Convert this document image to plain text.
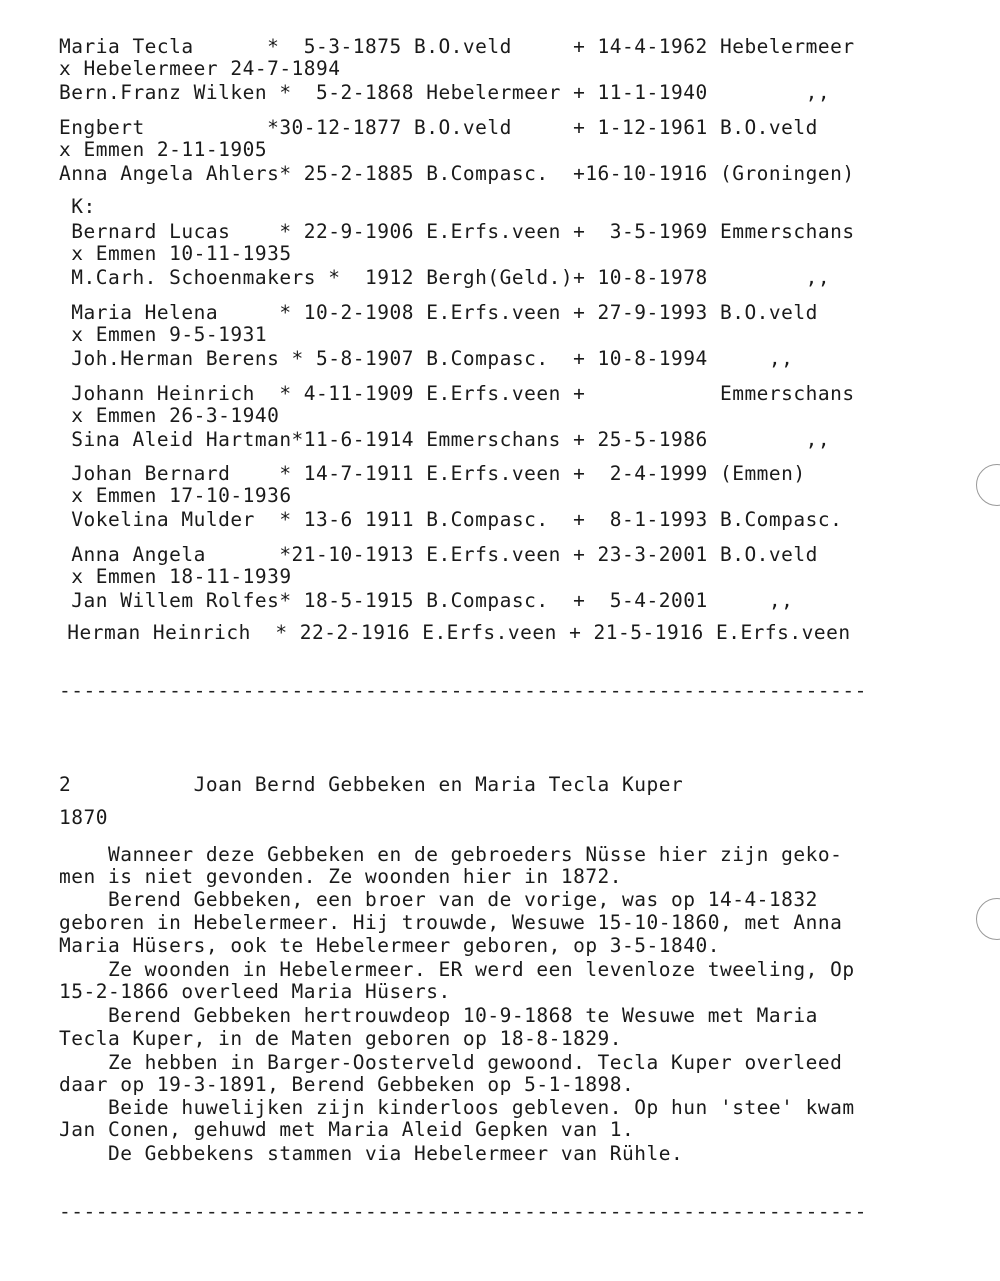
Maria Tecla      *  5-3-1875 B.O.veld     + 14-4-1962 Hebelermeer
x Hebelermeer 24-7-1894
Bern.Franz Wilken *  5-2-1868 Hebelermeer + 11-1-1940        ,,
Engbert          *30-12-1877 B.O.veld     + 1-12-1961 B.O.veld
x Emmen 2-11-1905
Anna Angela Ahlers* 25-2-1885 B.Compasc.  +16-10-1916 (Groningen)
K:
Bernard Lucas    * 22-9-1906 E.Erfs.veen +  3-5-1969 Emmerschans
x Emmen 10-11-1935
M.Carh. Schoenmakers *  1912 Bergh(Geld.)+ 10-8-1978        ,,
Maria Helena     * 10-2-1908 E.Erfs.veen + 27-9-1993 B.O.veld
x Emmen 9-5-1931
Joh.Herman Berens * 5-8-1907 B.Compasc.  + 10-8-1994     ,,
Johann Heinrich  * 4-11-1909 E.Erfs.veen +           Emmerschans
x Emmen 26-3-1940
Sina Aleid Hartman*11-6-1914 Emmerschans + 25-5-1986        ,,
Johan Bernard    * 14-7-1911 E.Erfs.veen +  2-4-1999 (Emmen)
x Emmen 17-10-1936
Vokelina Mulder  * 13-6 1911 B.Compasc.  +  8-1-1993 B.Compasc.
Anna Angela      *21-10-1913 E.Erfs.veen + 23-3-2001 B.O.veld
x Emmen 18-11-1939
Jan Willem Rolfes* 18-5-1915 B.Compasc.  +  5-4-2001     ,,
Herman Heinrich  * 22-2-1916 E.Erfs.veen + 21-5-1916 E.Erfs.veen
------------------------------------------------------------------
2          Joan Bernd Gebbeken en Maria Tecla Kuper
1870
Wanneer deze Gebbeken en de gebroeders Nüsse hier zijn geko-
men is niet gevonden. Ze woonden hier in 1872.
Berend Gebbeken, een broer van de vorige, was op 14-4-1832
geboren in Hebelermeer. Hij trouwde, Wesuwe 15-10-1860, met Anna
Maria Hüsers, ook te Hebelermeer geboren, op 3-5-1840.
Ze woonden in Hebelermeer. ER werd een levenloze tweeling, Op
15-2-1866 overleed Maria Hüsers.
Berend Gebbeken hertrouwdeop 10-9-1868 te Wesuwe met Maria
Tecla Kuper, in de Maten geboren op 18-8-1829.
Ze hebben in Barger-Oosterveld gewoond. Tecla Kuper overleed
daar op 19-3-1891, Berend Gebbeken op 5-1-1898.
Beide huwelijken zijn kinderloos gebleven. Op hun 'stee' kwam
Jan Conen, gehuwd met Maria Aleid Gepken van 1.
De Gebbekens stammen via Hebelermeer van Rühle.
------------------------------------------------------------------
